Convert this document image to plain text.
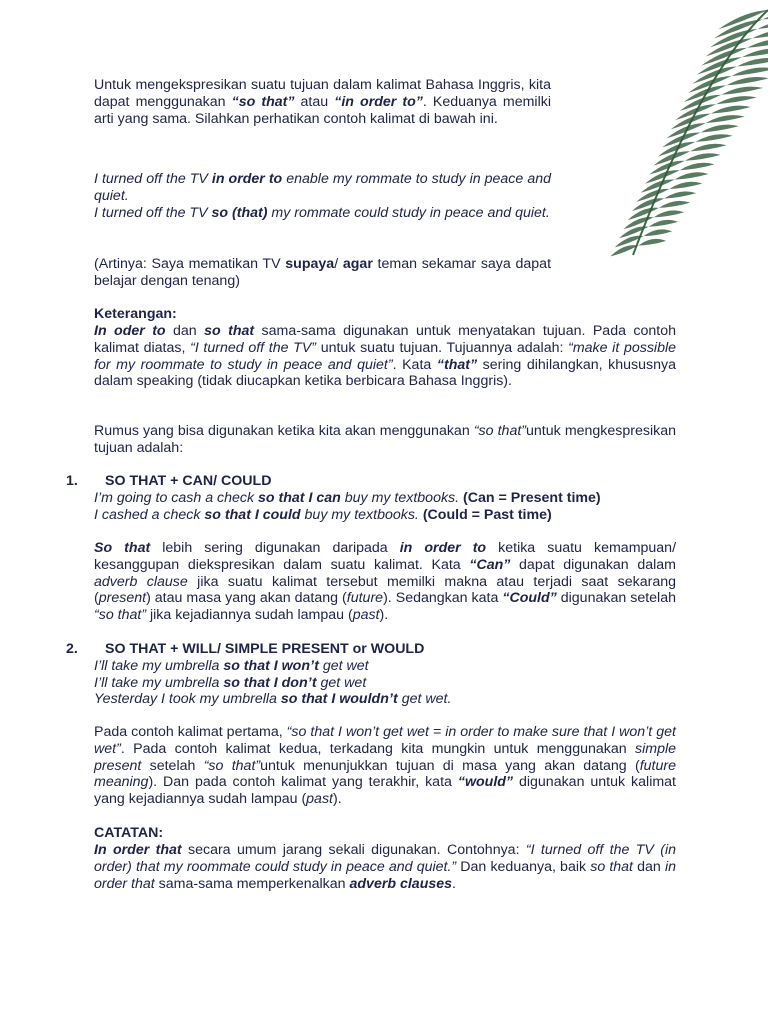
Untuk mengekspresikan suatu tujuan dalam kalimat Bahasa Inggris, kita dapat menggunakan “so that” atau “in order to”. Keduanya memilki arti yang sama. Silahkan perhatikan contoh kalimat di bawah ini.

I turned off the TV in order to enable my rommate to study in peace and quiet.

I turned off the TV so (that) my rommate could study in peace and quiet.

(Artinya: Saya mematikan TV supaya/ agar teman sekamar saya dapat belajar dengan tenang)

Keterangan:

In oder to dan so that sama-sama digunakan untuk menyatakan tujuan. Pada contoh kalimat diatas, “I turned off the TV” untuk suatu tujuan. Tujuannya adalah: “make it possible for my roommate to study in peace and quiet”. Kata “that” sering dihilangkan, khususnya dalam speaking (tidak diucapkan ketika berbicara Bahasa Inggris).

Rumus yang bisa digunakan ketika kita akan menggunakan “so that”untuk mengkespresikan tujuan adalah:

1. SO THAT + CAN/ COULD

I’m going to cash a check so that I can buy my textbooks. (Can = Present time)

I cashed a check so that I could buy my textbooks. (Could = Past time)

So that lebih sering digunakan daripada in order to ketika suatu kemampuan/ kesanggupan diekspresikan dalam suatu kalimat. Kata “Can” dapat digunakan dalam adverb clause jika suatu kalimat tersebut memilki makna atau terjadi saat sekarang (present) atau masa yang akan datang (future). Sedangkan kata “Could” digunakan setelah “so that” jika kejadiannya sudah lampau (past).

2. SO THAT + WILL/ SIMPLE PRESENT or WOULD

I’ll take my umbrella so that I won’t get wet

I’ll take my umbrella so that I don’t get wet

Yesterday I took my umbrella so that I wouldn’t get wet.

Pada contoh kalimat pertama, “so that I won’t get wet = in order to make sure that I won’t get wet”. Pada contoh kalimat kedua, terkadang kita mungkin untuk menggunakan simple present setelah “so that”untuk menunjukkan tujuan di masa yang akan datang (future meaning). Dan pada contoh kalimat yang terakhir, kata “would” digunakan untuk kalimat yang kejadiannya sudah lampau (past).

CATATAN:

In order that secara umum jarang sekali digunakan. Contohnya: “I turned off the TV (in order) that my roommate could study in peace and quiet.” Dan keduanya, baik so that dan in order that sama-sama memperkenalkan adverb clauses.
